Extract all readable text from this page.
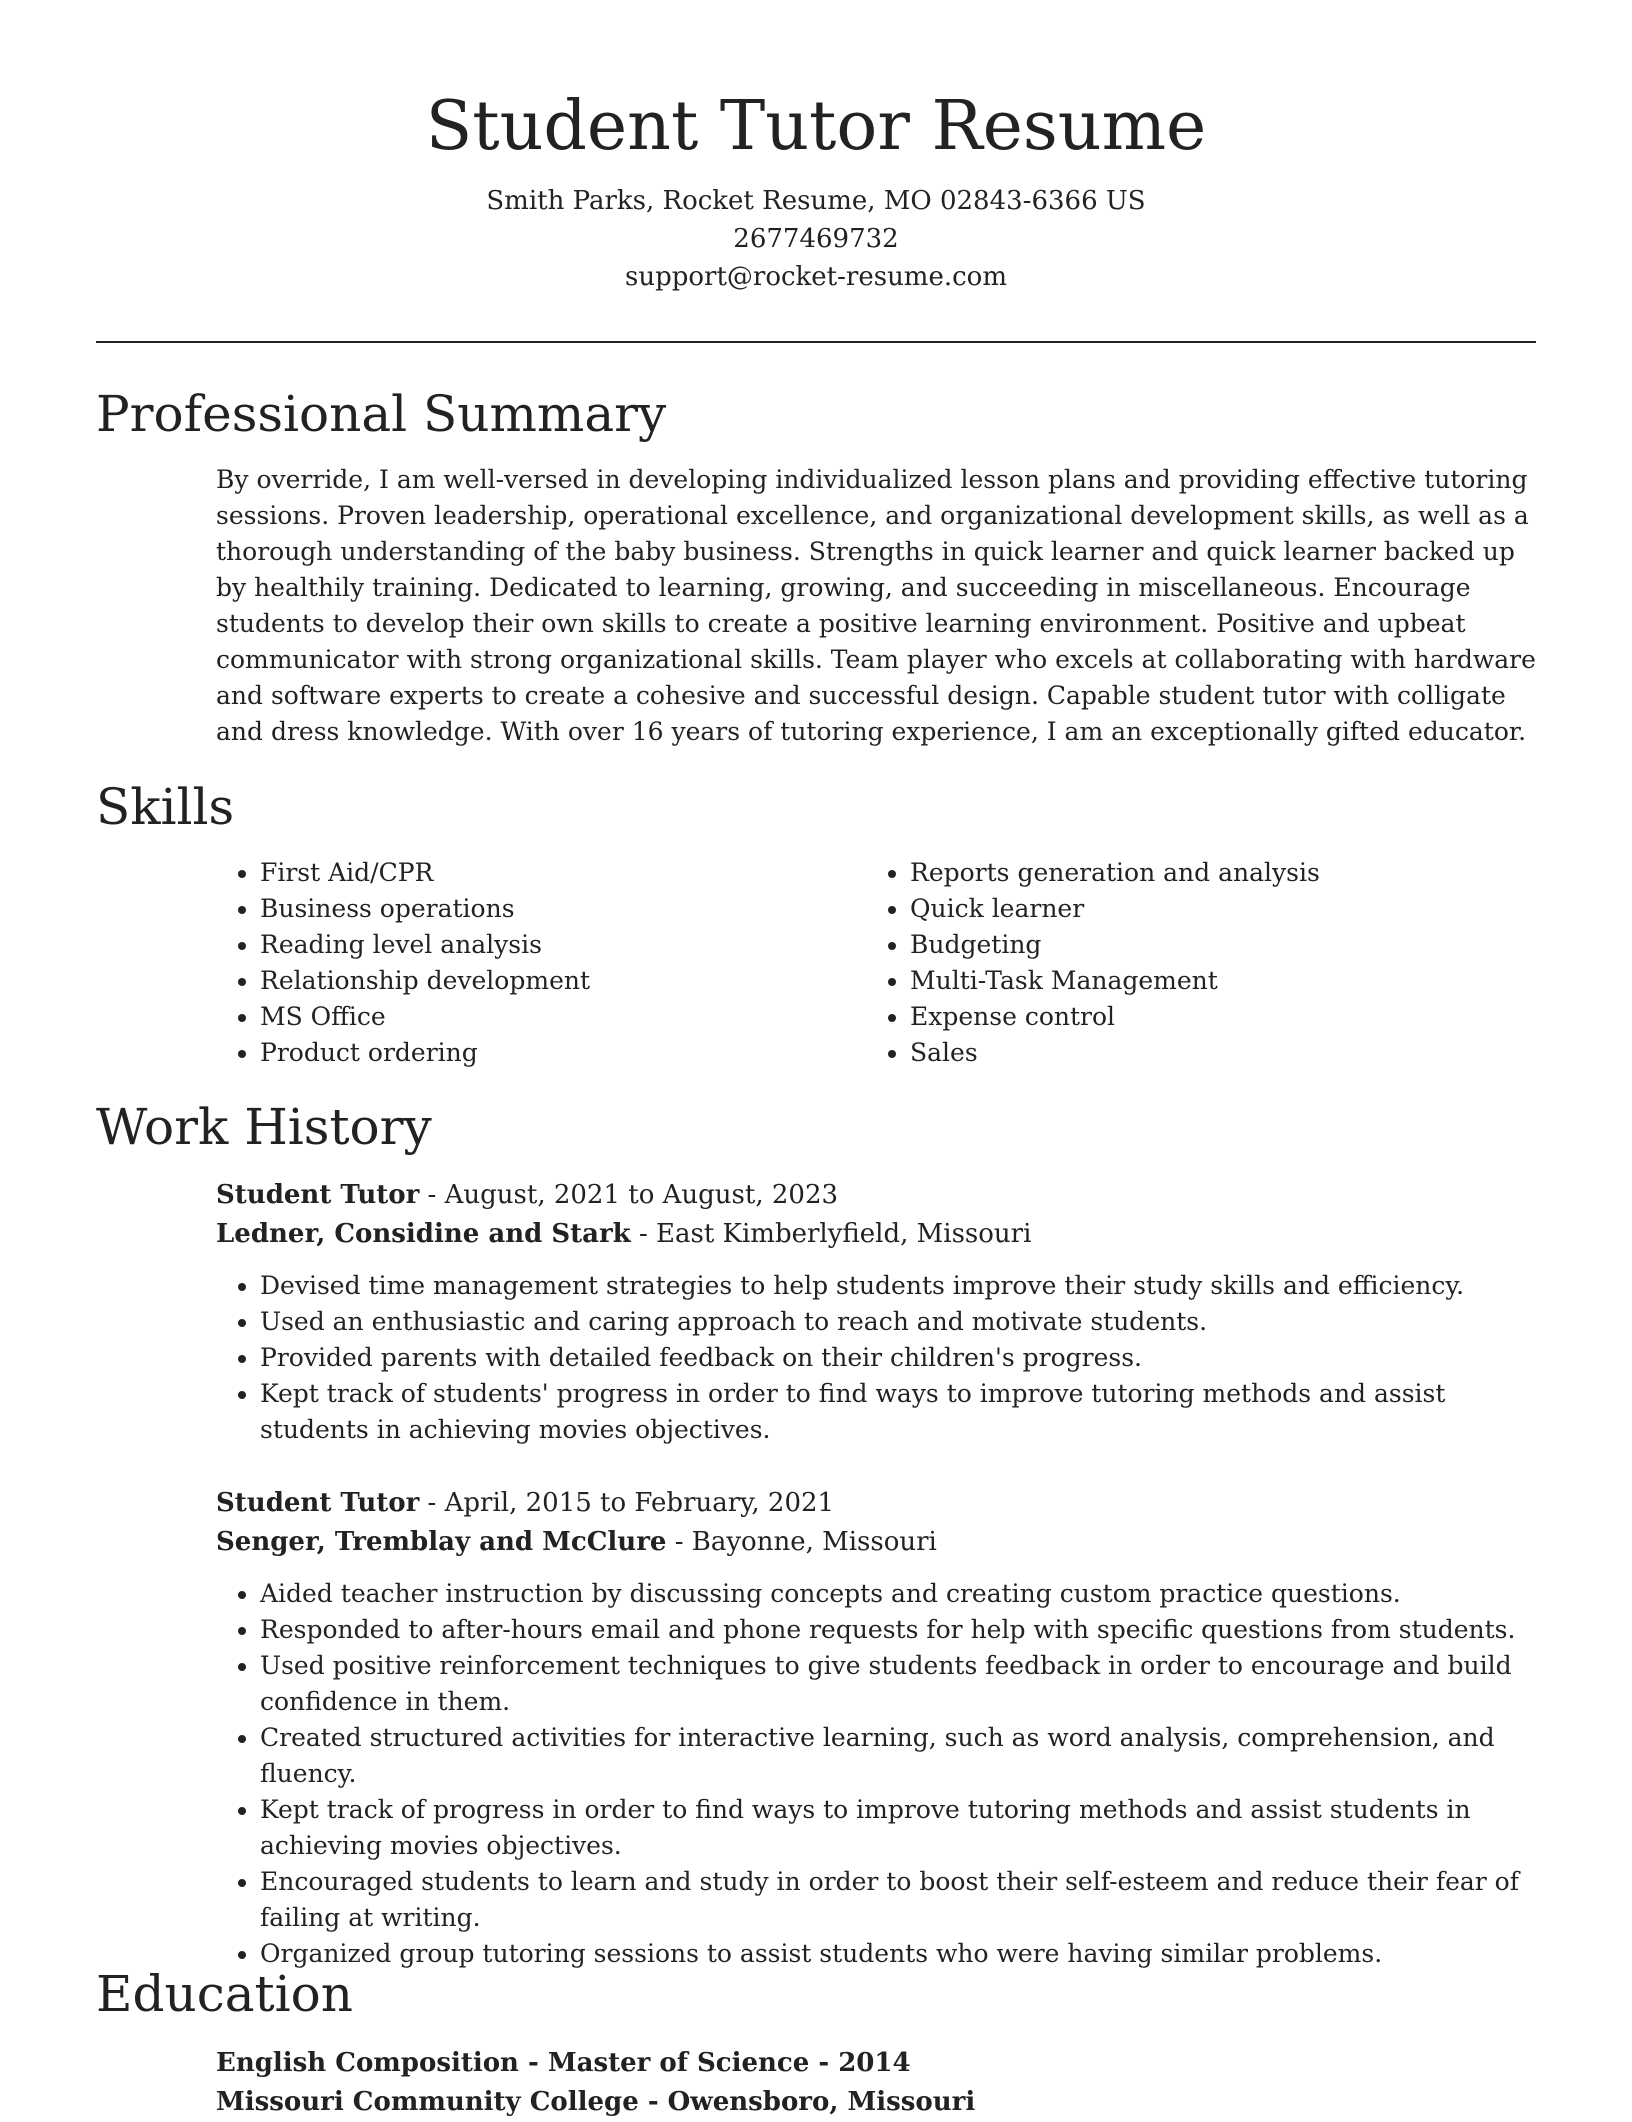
Student Tutor Resume

Smith Parks, Rocket Resume, MO 02843-6366 US

2677469732

support@rocket-resume.com

Professional Summary

By override, I am well-versed in developing individualized lesson plans and providing effective tutoring sessions. Proven leadership, operational excellence, and organizational development skills, as well as a thorough understanding of the baby business. Strengths in quick learner and quick learner backed up by healthily training. Dedicated to learning, growing, and succeeding in miscellaneous. Encourage students to develop their own skills to create a positive learning environment. Positive and upbeat communicator with strong organizational skills. Team player who excels at collaborating with hardware and software experts to create a cohesive and successful design. Capable student tutor with colligate and dress knowledge. With over 16 years of tutoring experience, I am an exceptionally gifted educator.

Skills
• First Aid/CPR
• Business operations
• Reading level analysis
• Relationship development
• MS Office
• Product ordering
• Reports generation and analysis
• Quick learner
• Budgeting
• Multi-Task Management
• Expense control
• Sales
Work History

Student Tutor - August, 2021 to August, 2023

Ledner, Considine and Stark - East Kimberlyfield, Missouri

• Devised time management strategies to help students improve their study skills and efficiency.
• Used an enthusiastic and caring approach to reach and motivate students.
• Provided parents with detailed feedback on their children's progress.
• Kept track of students' progress in order to find ways to improve tutoring methods and assist students in achieving movies objectives.

Student Tutor - April, 2015 to February, 2021

Senger, Tremblay and McClure - Bayonne, Missouri

• Aided teacher instruction by discussing concepts and creating custom practice questions.
• Responded to after-hours email and phone requests for help with specific questions from students.
• Used positive reinforcement techniques to give students feedback in order to encourage and build confidence in them.
• Created structured activities for interactive learning, such as word analysis, comprehension, and fluency.
• Kept track of progress in order to find ways to improve tutoring methods and assist students in achieving movies objectives.
• Encouraged students to learn and study in order to boost their self-esteem and reduce their fear of failing at writing.
• Organized group tutoring sessions to assist students who were having similar problems.
Education

English Composition - Master of Science - 2014

Missouri Community College - Owensboro, Missouri
